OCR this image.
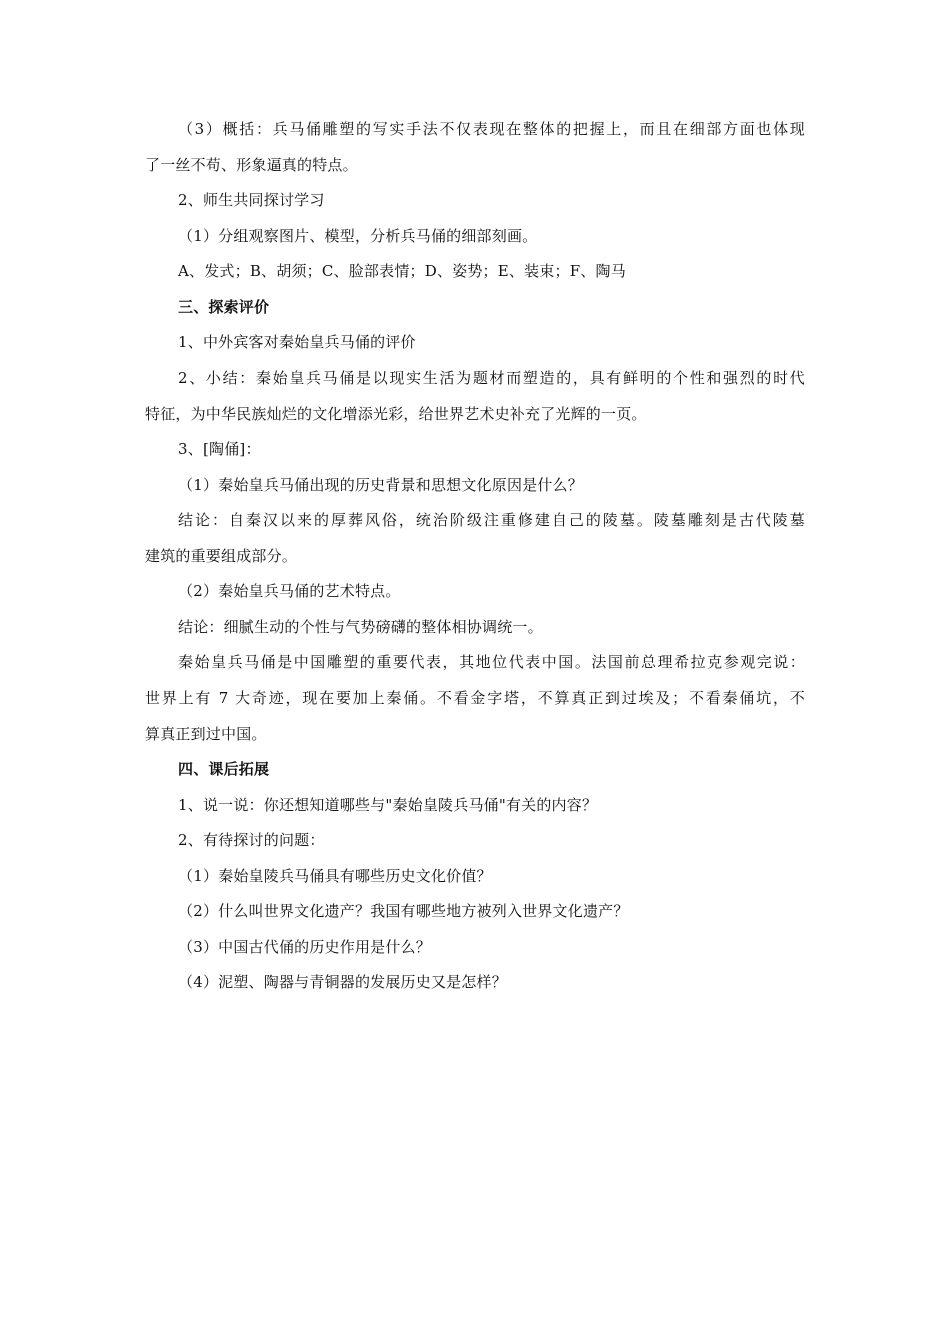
（3）概括：兵马俑雕塑的写实手法不仅表现在整体的把握上，而且在细部方面也体现
了一丝不苟、形象逼真的特点。
2、师生共同探讨学习
（1）分组观察图片、模型，分析兵马俑的细部刻画。
A、发式；B、胡须；C、脸部表情；D、姿势；E、装束；F、陶马
三、探索评价
1、中外宾客对秦始皇兵马俑的评价
2、小结：秦始皇兵马俑是以现实生活为题材而塑造的，具有鲜明的个性和强烈的时代
特征，为中华民族灿烂的文化增添光彩，给世界艺术史补充了光辉的一页。
3、[陶俑]：
（1）秦始皇兵马俑出现的历史背景和思想文化原因是什么？
结论：自秦汉以来的厚葬风俗，统治阶级注重修建自己的陵墓。陵墓雕刻是古代陵墓
建筑的重要组成部分。
（2）秦始皇兵马俑的艺术特点。
结论：细腻生动的个性与气势磅礴的整体相协调统一。
秦始皇兵马俑是中国雕塑的重要代表，其地位代表中国。法国前总理希拉克参观完说：
世界上有 7 大奇迹，现在要加上秦俑。不看金字塔，不算真正到过埃及；不看秦俑坑，不
算真正到过中国。
四、课后拓展
1、说一说：你还想知道哪些与"秦始皇陵兵马俑"有关的内容？
2、有待探讨的问题：
（1）秦始皇陵兵马俑具有哪些历史文化价值？
（2）什么叫世界文化遗产？我国有哪些地方被列入世界文化遗产？
（3）中国古代俑的历史作用是什么？
（4）泥塑、陶器与青铜器的发展历史又是怎样？
